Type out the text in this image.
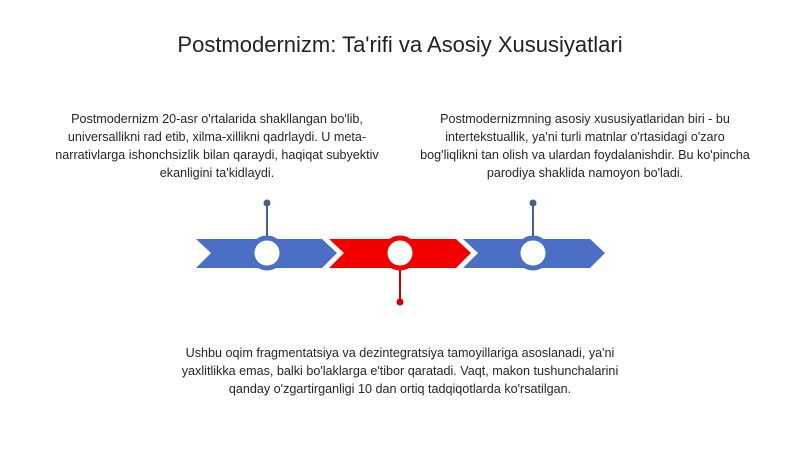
Postmodernizm: Ta'rifi va Asosiy Xususiyatlari
Postmodernizm 20-asr o'rtalarida shakllangan bo'lib, universallikni rad etib, xilma-xillikni qadrlaydi. U meta-narrativlarga ishonchsizlik bilan qaraydi, haqiqat subyektiv ekanligini ta'kidlaydi.
Postmodernizmning asosiy xususiyatlaridan biri - bu intertekstuallik, ya'ni turli matnlar o'rtasidagi o'zaro bog'liqlikni tan olish va ulardan foydalanishdir. Bu ko'pincha parodiya shaklida namoyon bo'ladi.
Ushbu oqim fragmentatsiya va dezintegratsiya tamoyillariga asoslanadi, ya'ni yaxlitlikka emas, balki bo'laklarga e'tibor qaratadi. Vaqt, makon tushunchalarini qanday o'zgartirganligi 10 dan ortiq tadqiqotlarda ko'rsatilgan.
